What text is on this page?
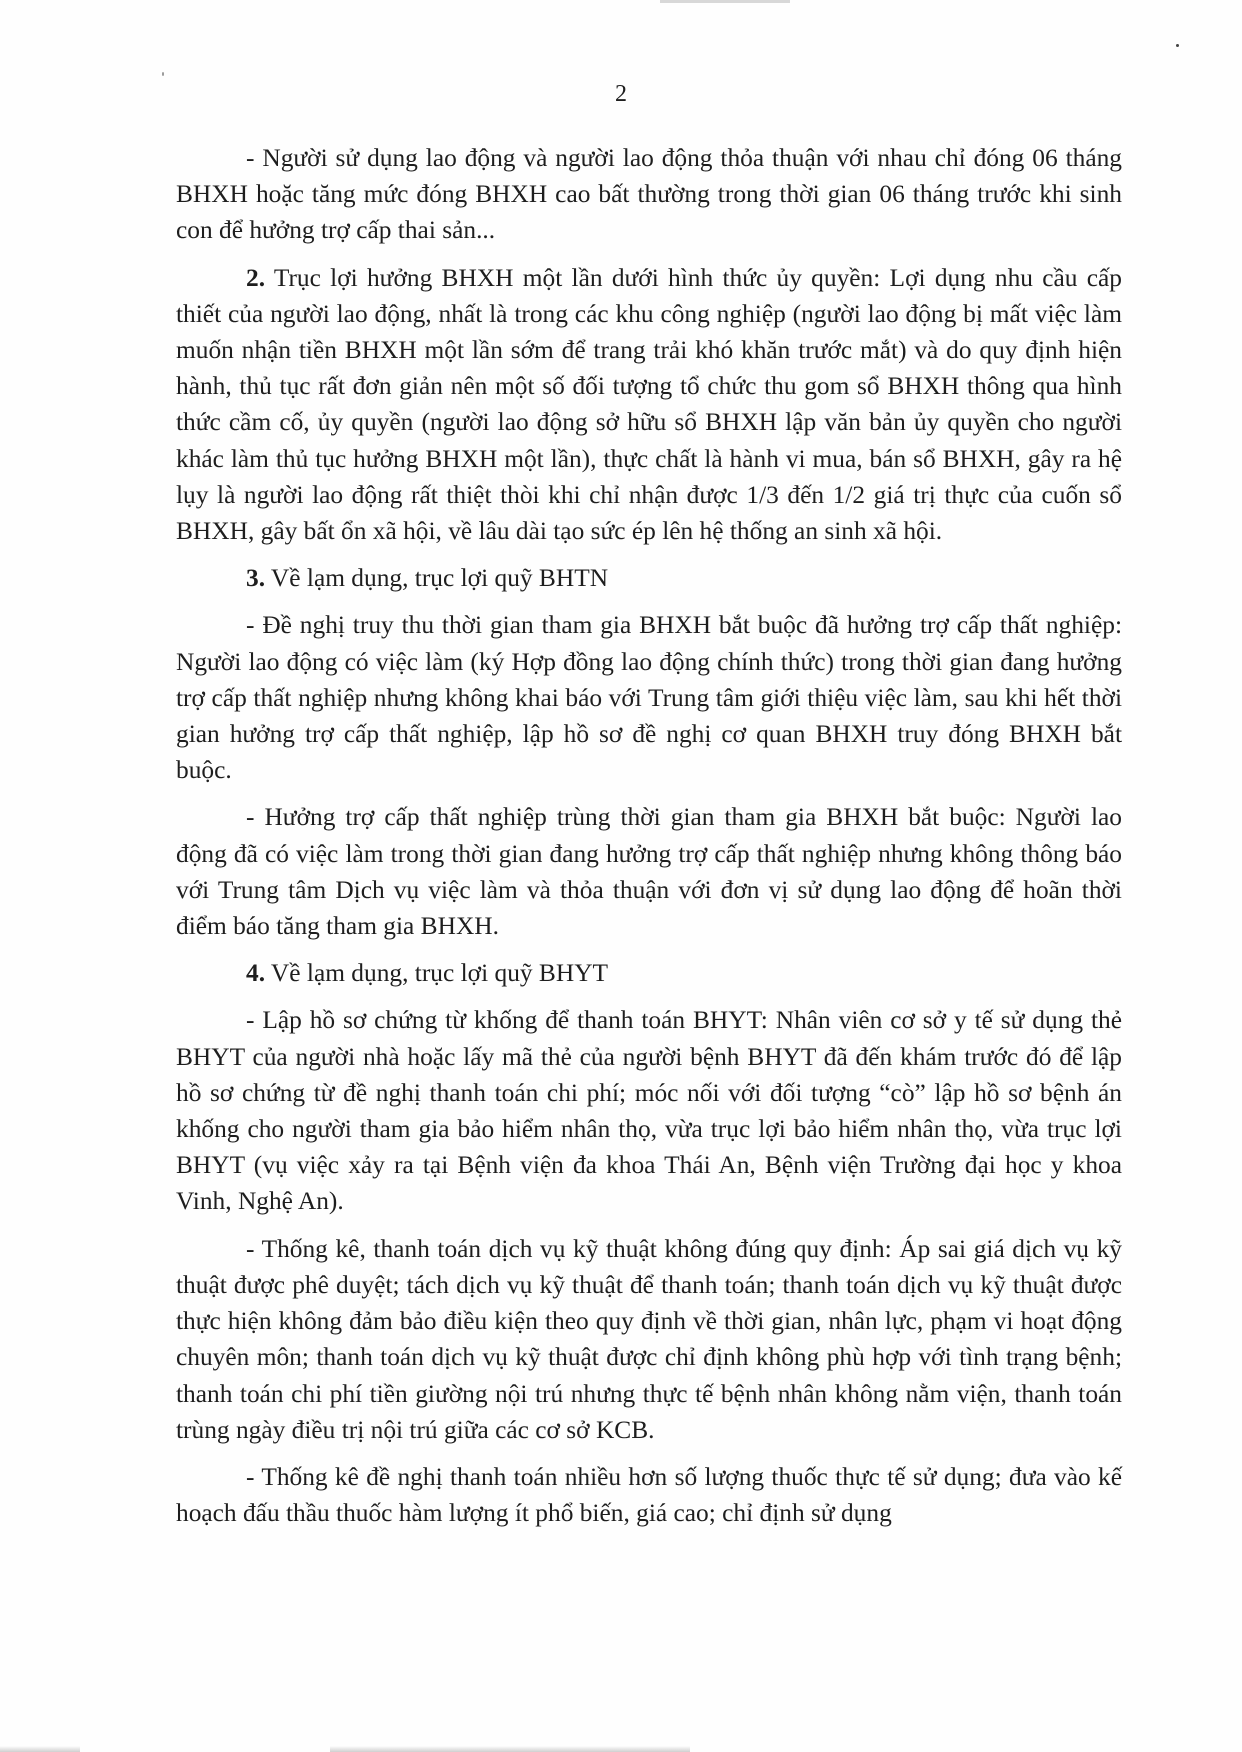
2

- Người sử dụng lao động và người lao động thỏa thuận với nhau chỉ đóng 06 tháng BHXH hoặc tăng mức đóng BHXH cao bất thường trong thời gian 06 tháng trước khi sinh con để hưởng trợ cấp thai sản...

2. Trục lợi hưởng BHXH một lần dưới hình thức ủy quyền: Lợi dụng nhu cầu cấp thiết của người lao động, nhất là trong các khu công nghiệp (người lao động bị mất việc làm muốn nhận tiền BHXH một lần sớm để trang trải khó khăn trước mắt) và do quy định hiện hành, thủ tục rất đơn giản nên một số đối tượng tổ chức thu gom sổ BHXH thông qua hình thức cầm cố, ủy quyền (người lao động sở hữu sổ BHXH lập văn bản ủy quyền cho người khác làm thủ tục hưởng BHXH một lần), thực chất là hành vi mua, bán sổ BHXH, gây ra hệ lụy là người lao động rất thiệt thòi khi chỉ nhận được 1/3 đến 1/2 giá trị thực của cuốn sổ BHXH, gây bất ổn xã hội, về lâu dài tạo sức ép lên hệ thống an sinh xã hội.

3. Về lạm dụng, trục lợi quỹ BHTN

- Đề nghị truy thu thời gian tham gia BHXH bắt buộc đã hưởng trợ cấp thất nghiệp: Người lao động có việc làm (ký Hợp đồng lao động chính thức) trong thời gian đang hưởng trợ cấp thất nghiệp nhưng không khai báo với Trung tâm giới thiệu việc làm, sau khi hết thời gian hưởng trợ cấp thất nghiệp, lập hồ sơ đề nghị cơ quan BHXH truy đóng BHXH bắt buộc.

- Hưởng trợ cấp thất nghiệp trùng thời gian tham gia BHXH bắt buộc: Người lao động đã có việc làm trong thời gian đang hưởng trợ cấp thất nghiệp nhưng không thông báo với Trung tâm Dịch vụ việc làm và thỏa thuận với đơn vị sử dụng lao động để hoãn thời điểm báo tăng tham gia BHXH.

4. Về lạm dụng, trục lợi quỹ BHYT

- Lập hồ sơ chứng từ khống để thanh toán BHYT: Nhân viên cơ sở y tế sử dụng thẻ BHYT của người nhà hoặc lấy mã thẻ của người bệnh BHYT đã đến khám trước đó để lập hồ sơ chứng từ đề nghị thanh toán chi phí; móc nối với đối tượng “cò” lập hồ sơ bệnh án khống cho người tham gia bảo hiểm nhân thọ, vừa trục lợi bảo hiểm nhân thọ, vừa trục lợi BHYT (vụ việc xảy ra tại Bệnh viện đa khoa Thái An, Bệnh viện Trường đại học y khoa Vinh, Nghệ An).

- Thống kê, thanh toán dịch vụ kỹ thuật không đúng quy định: Áp sai giá dịch vụ kỹ thuật được phê duyệt; tách dịch vụ kỹ thuật để thanh toán; thanh toán dịch vụ kỹ thuật được thực hiện không đảm bảo điều kiện theo quy định về thời gian, nhân lực, phạm vi hoạt động chuyên môn; thanh toán dịch vụ kỹ thuật được chỉ định không phù hợp với tình trạng bệnh; thanh toán chi phí tiền giường nội trú nhưng thực tế bệnh nhân không nằm viện, thanh toán trùng ngày điều trị nội trú giữa các cơ sở KCB.

- Thống kê đề nghị thanh toán nhiều hơn số lượng thuốc thực tế sử dụng; đưa vào kế hoạch đấu thầu thuốc hàm lượng ít phổ biến, giá cao; chỉ định sử dụng
